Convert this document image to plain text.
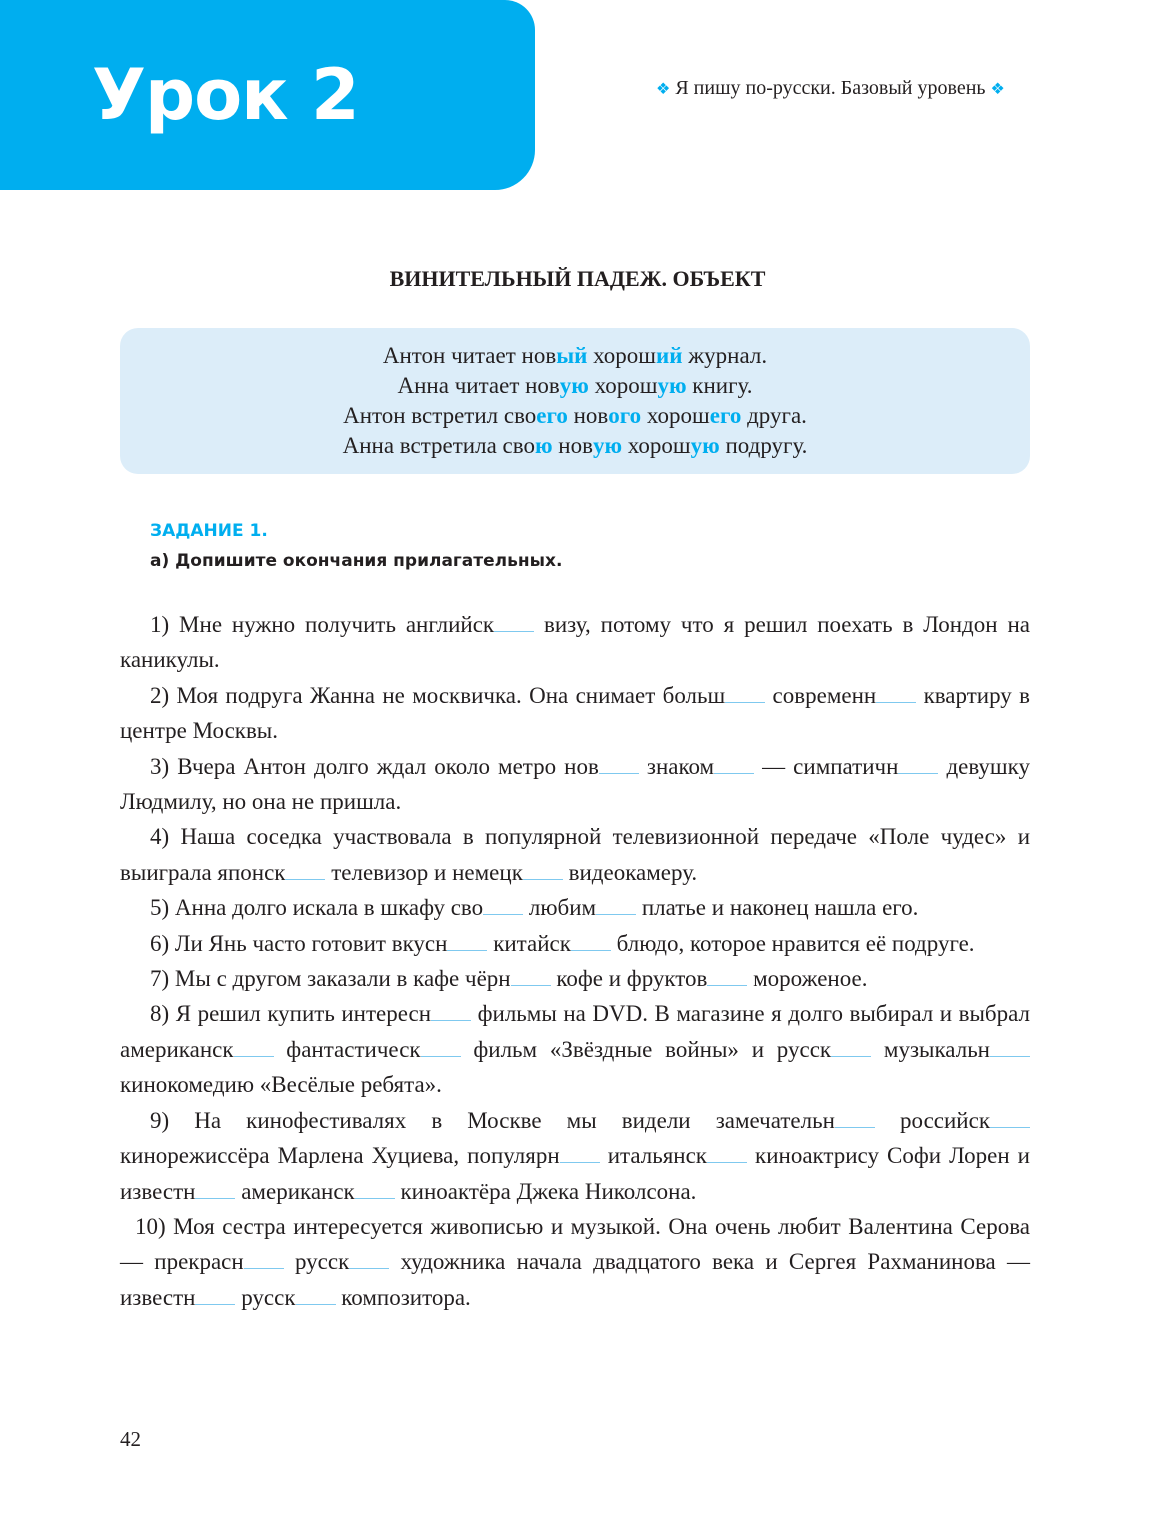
Урок 2	❖ Я пишу по-русски. Базовый уровень ❖
ВИНИТЕЛЬНЫЙ ПАДЕЖ. ОБЪЕКТ
Антон читает новый хороший журнал.
Анна читает новую хорошую книгу.
Антон встретил своего нового хорошего друга.
Анна встретила свою новую хорошую подругу.
ЗАДАНИЕ 1.
а) Допишите окончания прилагательных.

1) Мне нужно получить английск визу, потому что я решил поехать в Лондон на каникулы.

2) Моя подруга Жанна не москвичка. Она снимает больш современн квартиру в центре Москвы.

3) Вчера Антон долго ждал около метро нов знаком — симпатичн девушку Людмилу, но она не пришла.

4) Наша соседка участвовала в популярной телевизионной передаче «Поле чудес» и выиграла японск телевизор и немецк видеокамеру.

5) Анна долго искала в шкафу сво любим платье и наконец нашла его.

6) Ли Янь часто готовит вкусн китайск блюдо, которое нравится её подруге.

7) Мы с другом заказали в кафе чёрн кофе и фруктов мороженое.

8) Я решил купить интересн фильмы на DVD. В магазине я долго выбирал и выбрал американск фантастическ фильм «Звёздные войны» и русск музыкальн кинокомедию «Весёлые ребята».

9) На кинофестивалях в Москве мы видели замечательн российск кинорежиссёра Марлена Хуциева, популярн итальянск киноактрису Софи Лорен и известн американск киноактёра Джека Николсона.

10) Моя сестра интересуется живописью и музыкой. Она очень любит Валентина Серова — прекрасн русск художника начала двадцатого века и Сергея Рахманинова — известн русск композитора.

42
